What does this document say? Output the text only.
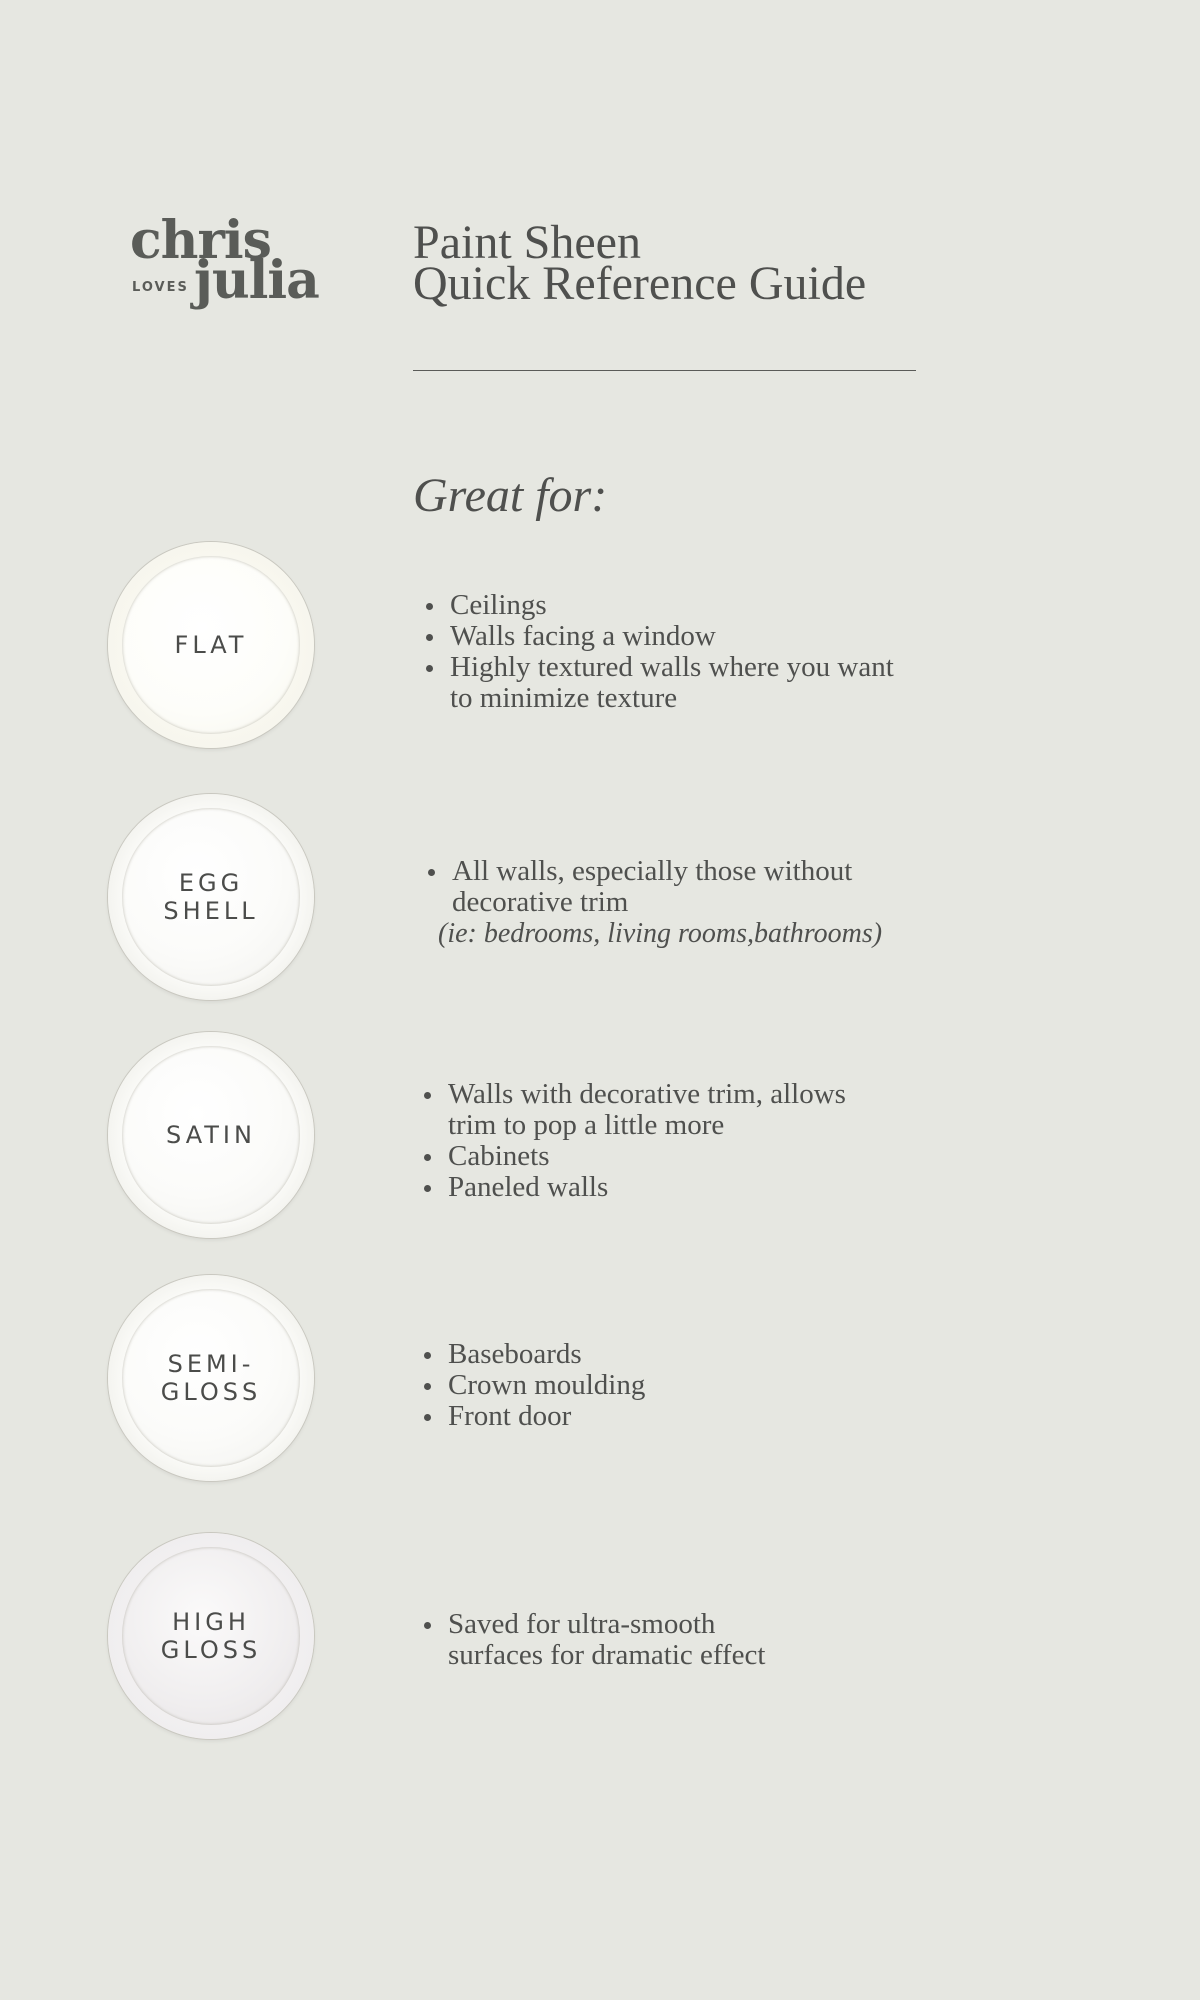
chris
LOVES julia
Paint Sheen
Quick Reference Guide
Great for:
FLAT
Ceilings
Walls facing a window
Highly textured walls where you want
to minimize texture
EGG
SHELL
All walls, especially those without
decorative trim
(ie: bedrooms, living rooms,bathrooms)
SATIN
Walls with decorative trim, allows
trim to pop a little more
Cabinets
Paneled walls
SEMI-
GLOSS
Baseboards
Crown moulding
Front door
HIGH
GLOSS
Saved for ultra-smooth
surfaces for dramatic effect
